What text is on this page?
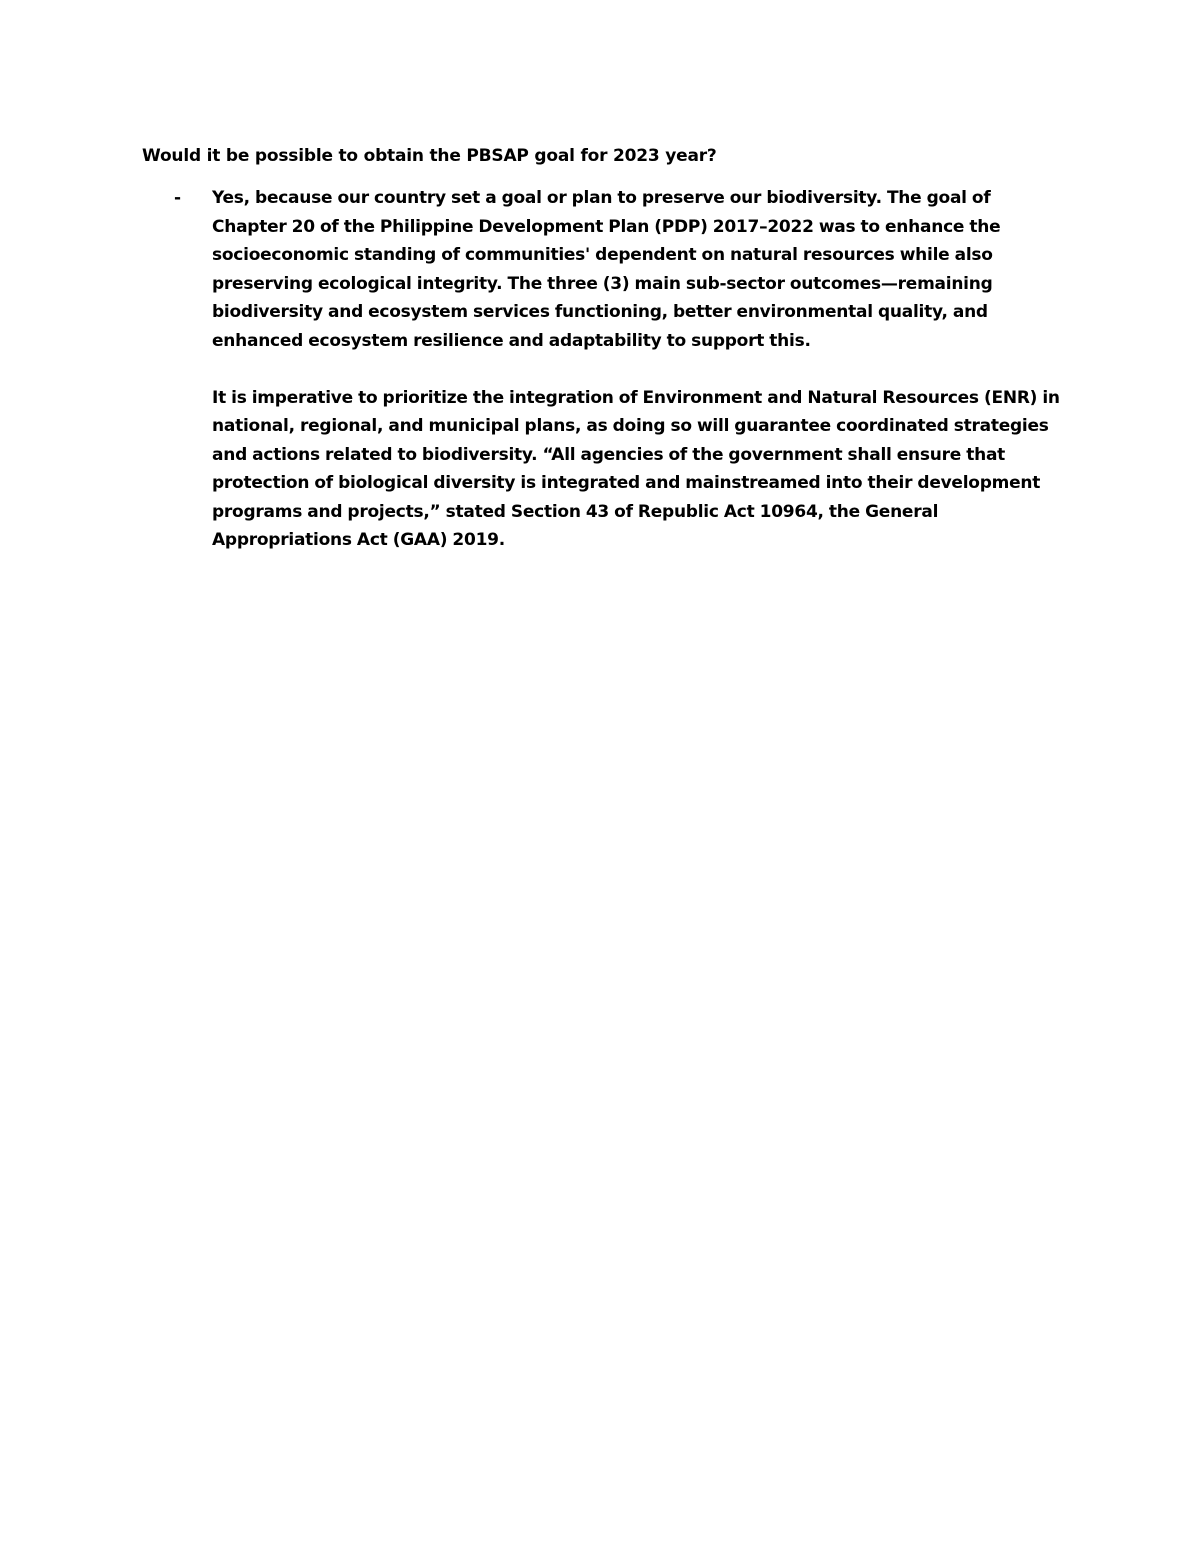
Would it be possible to obtain the PBSAP goal for 2023 year?

-	Yes, because our country set a goal or plan to preserve our biodiversity. The goal of Chapter 20 of the Philippine Development Plan (PDP) 2017–2022 was to enhance the socioeconomic standing of communities' dependent on natural resources while also preserving ecological integrity. The three (3) main sub-sector outcomes—remaining biodiversity and ecosystem services functioning, better environmental quality, and enhanced ecosystem resilience and adaptability to support this.

It is imperative to prioritize the integration of Environment and Natural Resources (ENR) in national, regional, and municipal plans, as doing so will guarantee coordinated strategies and actions related to biodiversity. “All agencies of the government shall ensure that protection of biological diversity is integrated and mainstreamed into their development programs and projects,” stated Section 43 of Republic Act 10964, the General Appropriations Act (GAA) 2019.
